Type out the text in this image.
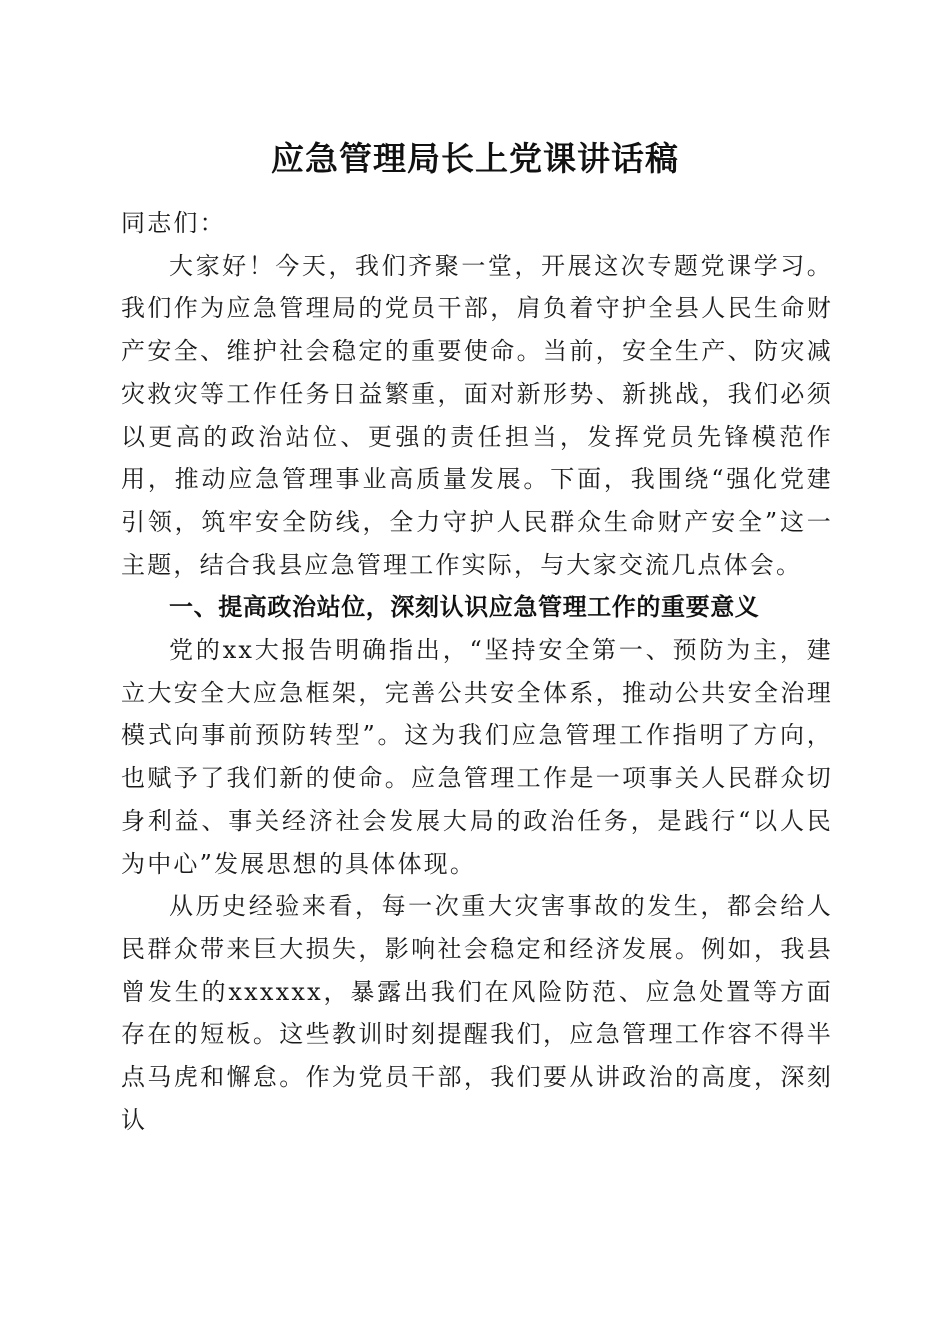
应急管理局长上党课讲话稿

同志们：

大家好！今天，我们齐聚一堂，开展这次专题党课学习。我们作为应急管理局的党员干部，肩负着守护全县人民生命财产安全、维护社会稳定的重要使命。当前，安全生产、防灾减灾救灾等工作任务日益繁重，面对新形势、新挑战，我们必须以更高的政治站位、更强的责任担当，发挥党员先锋模范作用，推动应急管理事业高质量发展。下面，我围绕“强化党建引领，筑牢安全防线，全力守护人民群众生命财产安全”这一主题，结合我县应急管理工作实际，与大家交流几点体会。

一、提高政治站位，深刻认识应急管理工作的重要意义

党的xx大报告明确指出，“坚持安全第一、预防为主，建立大安全大应急框架，完善公共安全体系，推动公共安全治理模式向事前预防转型”。这为我们应急管理工作指明了方向，也赋予了我们新的使命。应急管理工作是一项事关人民群众切身利益、事关经济社会发展大局的政治任务，是践行“以人民为中心”发展思想的具体体现。

从历史经验来看，每一次重大灾害事故的发生，都会给人民群众带来巨大损失，影响社会稳定和经济发展。例如，我县曾发生的xxxxxx，暴露出我们在风险防范、应急处置等方面存在的短板。这些教训时刻提醒我们，应急管理工作容不得半点马虎和懈怠。作为党员干部，我们要从讲政治的高度，深刻认
